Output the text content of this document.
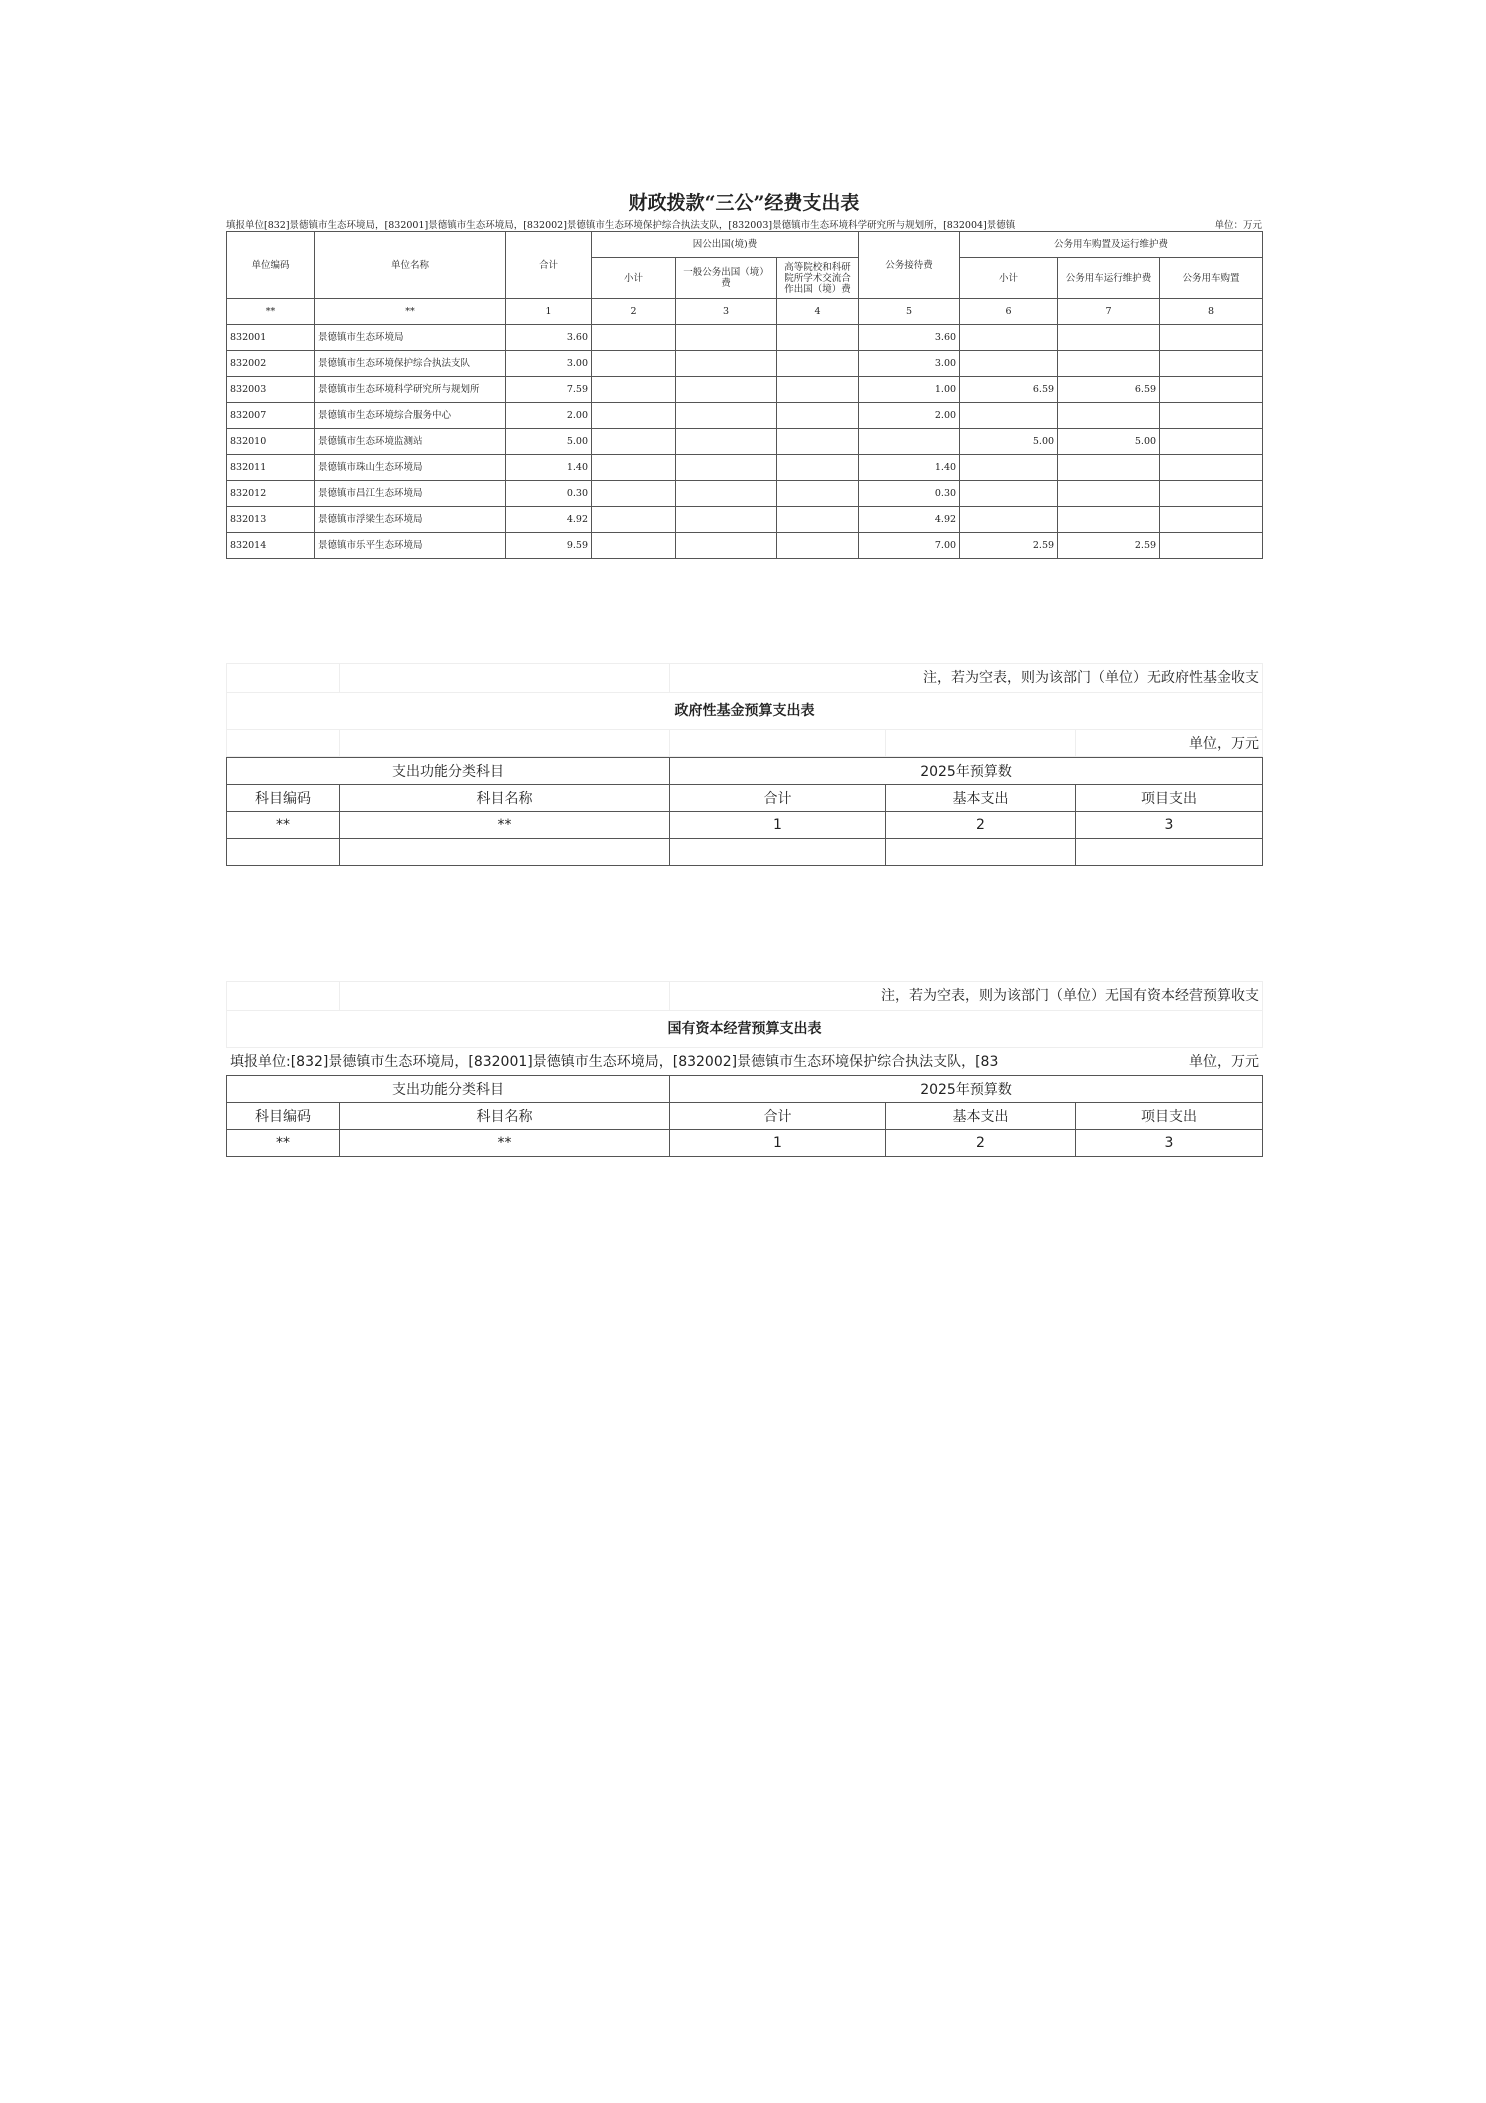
财政拨款“三公”经费支出表
填报单位[832]景德镇市生态环境局，[832001]景德镇市生态环境局，[832002]景德镇市生态环境保护综合执法支队，[832003]景德镇市生态环境科学研究所与规划所，[832004]景德镇	单位：万元
单位编码	单位名称	合计	因公出国(境)费			公务接待费	公务用车购置及运行维护费		
			小计	一般公务出国（境）费	高等院校和科研院所学术交流合作出国（境）费		小计	公务用车运行维护费	公务用车购置
**	**	1	2	3	4	5	6	7	8
832001	景德镇市生态环境局	3.60				3.60			
832002	景德镇市生态环境保护综合执法支队	3.00				3.00			
832003	景德镇市生态环境科学研究所与规划所	7.59				1.00	6.59	6.59	
832007	景德镇市生态环境综合服务中心	2.00				2.00			
832010	景德镇市生态环境监测站	5.00					5.00	5.00	
832011	景德镇市珠山生态环境局	1.40				1.40			
832012	景德镇市昌江生态环境局	0.30				0.30			
832013	景德镇市浮梁生态环境局	4.92				4.92			
832014	景德镇市乐平生态环境局	9.59				7.00	2.59	2.59	
		注，若为空表，则为该部门（单位）无政府性基金收支		
政府性基金预算支出表				
				单位，万元
支出功能分类科目		2025年预算数		
科目编码	科目名称	合计	基本支出	项目支出
**	**	1	2	3

		注，若为空表，则为该部门（单位）无国有资本经营预算收支	
国有资本经营预算支出表			
填报单位:[832]景德镇市生态环境局，[832001]景德镇市生态环境局，[832002]景德镇市生态环境保护综合执法支队，[83			单位，万元
支出功能分类科目		2025年预算数		
科目编码	科目名称	合计	基本支出	项目支出
**	**	1	2	3
